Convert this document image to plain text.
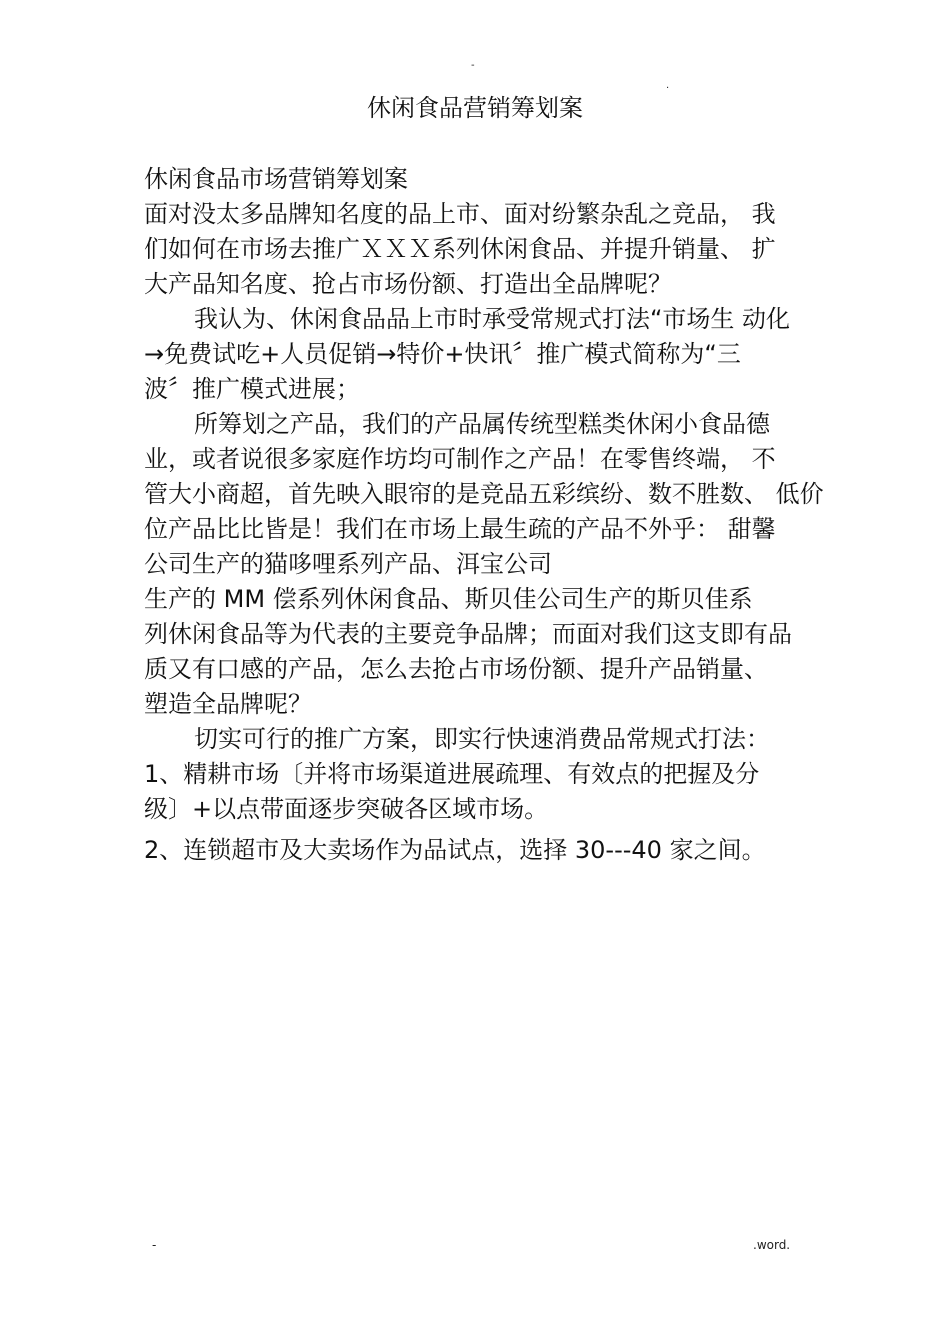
-
.
休闲食品营销筹划案
休闲食品市场营销筹划案
面对没太多品牌知名度的品上市、面对纷繁杂乱之竞品， 我
们如何在市场去推广ＸＸＸ系列休闲食品、并提升销量、 扩
大产品知名度、抢占市场份额、打造出全品牌呢？
我认为、休闲食品品上市时承受常规式打法“市场生 动化
→免费试吃+人员促销→特价+快讯〞推广模式简称为“三
波〞推广模式进展；
所筹划之产品，我们的产品属传统型糕类休闲小食品德
业，或者说很多家庭作坊均可制作之产品！在零售终端， 不
管大小商超，首先映入眼帘的是竞品五彩缤纷、数不胜数、 低价
位产品比比皆是！我们在市场上最生疏的产品不外乎： 甜馨
公司生产的猫哆哩系列产品、洱宝公司
生产的 MM 偿系列休闲食品、斯贝佳公司生产的斯贝佳系
列休闲食品等为代表的主要竞争品牌；而面对我们这支即有品
质又有口感的产品，怎么去抢占市场份额、提升产品销量、
塑造全品牌呢？
切实可行的推广方案，即实行快速消费品常规式打法：
1、精耕市场〔并将市场渠道进展疏理、有效点的把握及分
级〕+以点带面逐步突破各区域市场。
2、连锁超市及大卖场作为品试点，选择 30---40 家之间。
-	.word.
